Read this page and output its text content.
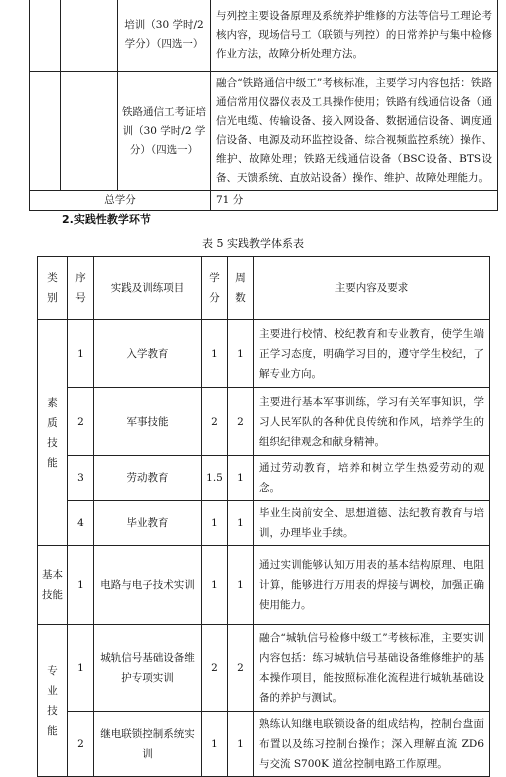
		培训（30 学时/2 学分）（四选一）	与列控主要设备原理及系统养护维修的方法等信号工理论考核内容，现场信号工（联锁与列控）的日常养护与集中检修作业方法，故障分析处理方法。
		铁路通信工考证培训（30 学时/2 学分）（四选一）	融合“铁路通信中级工”考核标准，主要学习内容包括：铁路通信常用仪器仪表及工具操作使用；铁路有线通信设备（通信光电缆、传输设备、接入网设备、数据通信设备、调度通信设备、电源及动环监控设备、综合视频监控系统）操作、维护、故障处理；铁路无线通信设备（BSC设备、BTS设备、天馈系统、直放站设备）操作、维护、故障处理能力。
总学分			71 分
2.实践性教学环节
表 5 实践教学体系表
类别	序号	实践及训练项目	学分	周数	主要内容及要求
素质技能	1	入学教育	1	1	主要进行校情、校纪教育和专业教育，使学生端正学习态度，明确学习目的，遵守学生校纪，了解专业方向。
	2	军事技能	2	2	主要进行基本军事训练，学习有关军事知识，学习人民军队的各种优良传统和作风，培养学生的组织纪律观念和献身精神。
	3	劳动教育	1.5	1	通过劳动教育，培养和树立学生热爱劳动的观念。
	4	毕业教育	1	1	毕业生岗前安全、思想道德、法纪教育教育与培训，办理毕业手续。
基本技能	1	电路与电子技术实训	1	1	通过实训能够认知万用表的基本结构原理、电阻计算，能够进行万用表的焊接与调校，加强正确使用能力。
专业技能	1	城轨信号基础设备维护专项实训	2	2	融合“城轨信号检修中级工”考核标准，主要实训内容包括：练习城轨信号基础设备维修维护的基本操作项目，能按照标准化流程进行城轨基础设备的养护与测试。
	2	继电联锁控制系统实训	1	1	熟练认知继电联锁设备的组成结构，控制台盘面布置以及练习控制台操作；深入理解直流 ZD6 与交流 S700K 道岔控制电路工作原理。
